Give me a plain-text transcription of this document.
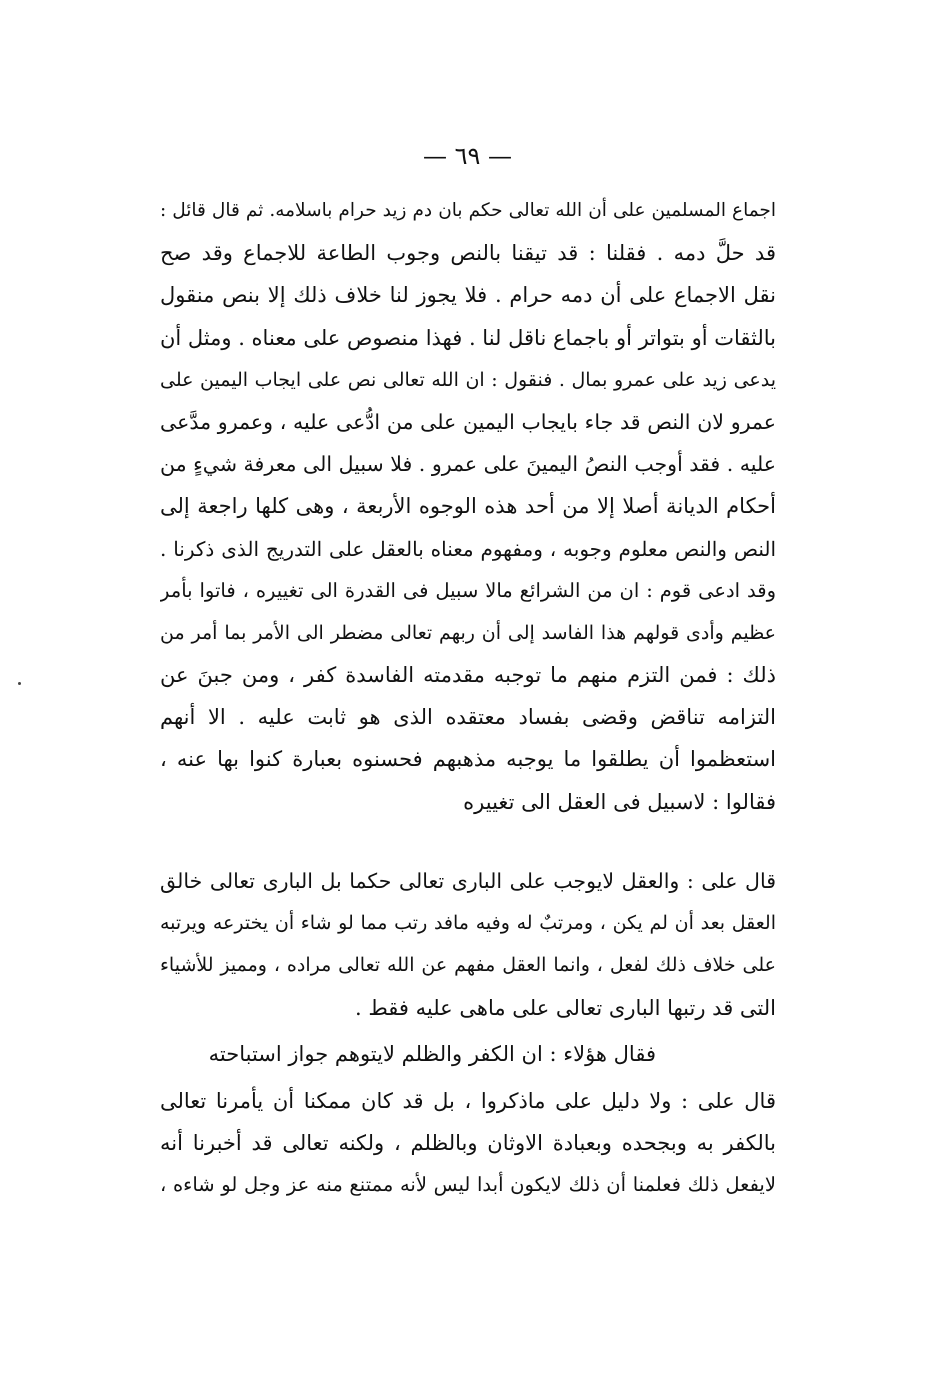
— ٦٩ —
اجماع المسلمين على أن الله تعالى حكم بان دم زيد حرام باسلامه. ثم قال قائل :
قد حلَّ دمه . فقلنا : قد تيقنا بالنص وجوب الطاعة للاجماع وقد صح
نقل الاجماع على أن دمه حرام . فلا يجوز لنا خلاف ذلك إلا بنص منقول
بالثقات أو بتواتر أو باجماع ناقل لنا . فهذا منصوص على معناه . ومثل أن
يدعى زيد على عمرو بمال . فنقول : ان الله تعالى نص على ايجاب اليمين على
عمرو لان النص قد جاء بايجاب اليمين على من ادُّعى عليه ، وعمرو مدَّعى
عليه . فقد أوجب النصُ اليمينَ على عمرو . فلا سبيل الى معرفة شيءٍ من
أحكام الديانة أصلا إلا من أحد هذه الوجوه الأربعة ، وهى كلها راجعة إلى
النص والنص معلوم وجوبه ، ومفهوم معناه بالعقل على التدريج الذى ذكرنا .
وقد ادعى قوم : ان من الشرائع مالا سبيل فى القدرة الى تغييره ، فاتوا بأمر
عظيم وأدى قولهم هذا الفاسد إلى أن ربهم تعالى مضطر الى الأمر بما أمر من
ذلك : فمن التزم منهم ما توجبه مقدمته الفاسدة كفر ، ومن جبنَ عن
التزامه تناقض وقضى بفساد معتقده الذى هو ثابت عليه . الا أنهم
استعظموا أن يطلقوا ما يوجبه مذهبهم فحسنوه بعبارة كنوا بها عنه ،
فقالوا : لاسبيل فى العقل الى تغييره
قال على : والعقل لايوجب على البارى تعالى حكما بل البارى تعالى خالق
العقل بعد أن لم يكن ، ومرتبٌ له وفيه مافد رتب مما لو شاء أن يخترعه ويرتبه
على خلاف ذلك لفعل ، وانما العقل مفهم عن الله تعالى مراده ، ومميز للأشياء
التى قد رتبها البارى تعالى على ماهى عليه فقط .
فقال هؤلاء : ان الكفر والظلم لايتوهم جواز استباحته
قال على : ولا دليل على ماذكروا ، بل قد كان ممكنا أن يأمرنا تعالى
بالكفر به وبجحده وبعبادة الاوثان وبالظلم ، ولكنه تعالى قد أخبرنا أنه
لايفعل ذلك فعلمنا أن ذلك لايكون أبدا ليس لأنه ممتنع منه عز وجل لو شاءه ،
